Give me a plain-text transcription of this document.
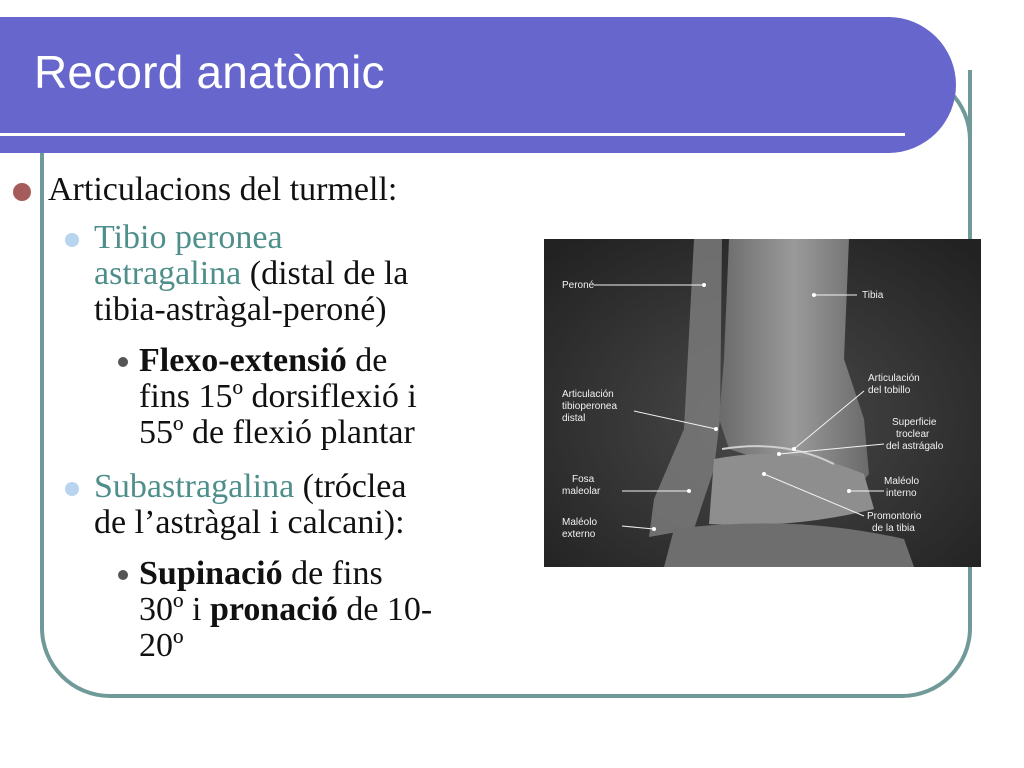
Record anatòmic
Articulacions del turmell:
Tibio peronea
astragalina (distal de la
tibia-astràgal-peroné)
Flexo-extensió de
fins 15º dorsiflexió i
55º de flexió plantar
Subastragalina (tróclea
de l’astràgal i calcani):
Supinació de fins
30º i pronació de 10-
20º
Peroné
Tibia
Articulación
tibioperonea
distal
Articulación
del tobillo
Superficie
troclear
del astrágalo
Fosa
maleolar
Maléolo
interno
Maléolo
externo
Promontorio
de la tibia
